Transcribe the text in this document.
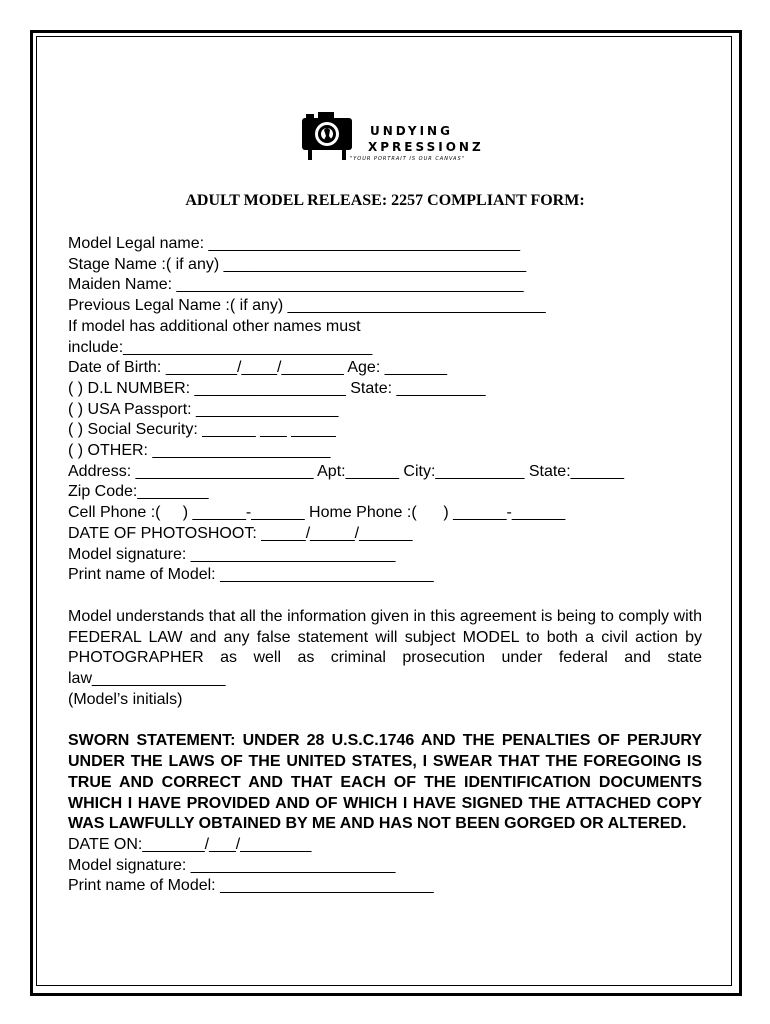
UNDYING
XPRESSIONZ
"YOUR PORTRAIT IS OUR CANVAS"
ADULT MODEL RELEASE: 2257 COMPLIANT FORM:
Model Legal name: ___________________________________
Stage Name :( if any) __________________________________
Maiden Name: _______________________________________
Previous Legal Name :( if any) _____________________________
If model has additional other names must
include:____________________________
Date of Birth: ________/____/_______ Age: _______
( ) D.L NUMBER: _________________ State: __________
( ) USA Passport: ________________
( ) Social Security: ______ ___ _____
( ) OTHER: ____________________
Address: ____________________ Apt:______ City:__________ State:______
Zip Code:________
Cell Phone :(     ) ______-______ Home Phone :(      ) ______-______
DATE OF PHOTOSHOOT: _____/_____/______
Model signature: _______________________
Print name of Model: ________________________
Model understands that all the information given in this agreement is being to comply with FEDERAL LAW and any false statement will subject MODEL to both a civil action by PHOTOGRAPHER as well as criminal prosecution under federal and state law_______________
(Model’s initials)
SWORN STATEMENT: UNDER 28 U.S.C.1746 AND THE PENALTIES OF PERJURY UNDER THE LAWS OF THE UNITED STATES, I SWEAR THAT THE FOREGOING IS TRUE AND CORRECT AND THAT EACH OF THE IDENTIFICATION DOCUMENTS WHICH I HAVE PROVIDED AND OF WHICH I HAVE SIGNED THE ATTACHED COPY WAS LAWFULLY OBTAINED BY ME AND HAS NOT BEEN GORGED OR ALTERED.
DATE ON:_______/___/________
Model signature: _______________________
Print name of Model: ________________________
